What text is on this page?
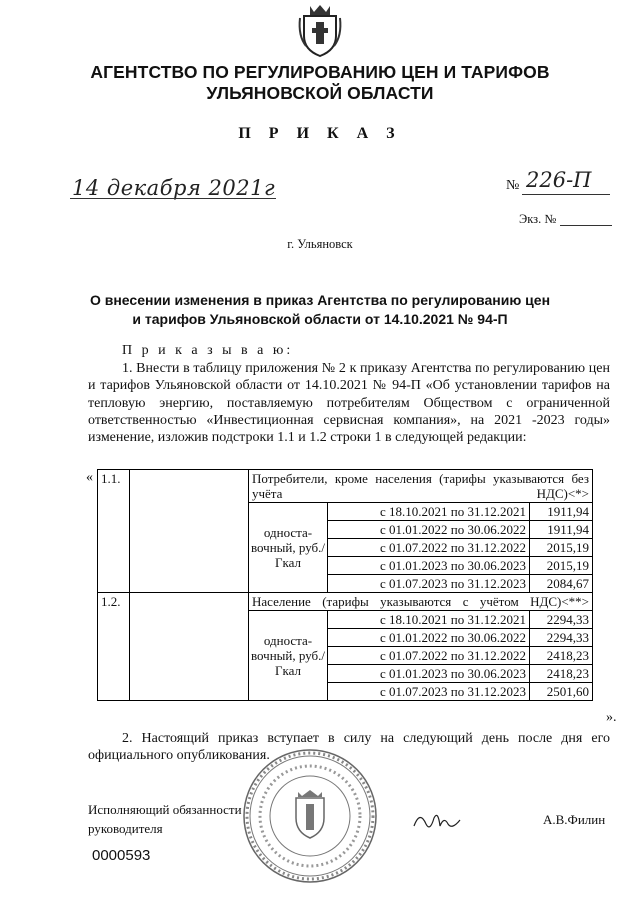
АГЕНТСТВО ПО РЕГУЛИРОВАНИЮ ЦЕН И ТАРИФОВ
УЛЬЯНОВСКОЙ ОБЛАСТИ
П Р И К А З
14 декабря 2021г	№ 226-П
Экз. №
г. Ульяновск
О внесении изменения в приказ Агентства по регулированию цен
и тарифов Ульяновской области от 14.10.2021 № 94-П
П р и к а з ы в а ю:
1. Внести в таблицу приложения № 2 к приказу Агентства по регулированию цен и тарифов Ульяновской области от 14.10.2021 № 94-П «Об установлении тарифов на тепловую энергию, поставляемую потребителям Обществом с ограниченной ответственностью «Инвестиционная сервисная компания», на 2021 -2023 годы» изменение, изложив подстроки 1.1 и 1.2 строки 1 в следующей редакции:
« 1.1.		Потребители, кроме населения (тарифы указываются без учёта НДС)<*>		
		односта-вочный, руб./Гкал	с 18.10.2021 по 31.12.2021	1911,94
			с 01.01.2022 по 30.06.2022	1911,94
			с 01.07.2022 по 31.12.2022	2015,19
			с 01.01.2023 по 30.06.2023	2015,19
			с 01.07.2023 по 31.12.2023	2084,67
1.2.		Население (тарифы указываются с учётом НДС)<**>		
		односта-вочный, руб./Гкал	с 18.10.2021 по 31.12.2021	2294,33
			с 01.01.2022 по 30.06.2022	2294,33
			с 01.07.2022 по 31.12.2022	2418,23
			с 01.01.2023 по 30.06.2023	2418,23
			с 01.07.2023 по 31.12.2023	2501,60
».
2. Настоящий приказ вступает в силу на следующий день после дня его официального опубликования.
Исполняющий обязанности
руководителя
А.В.Филин
0000593
